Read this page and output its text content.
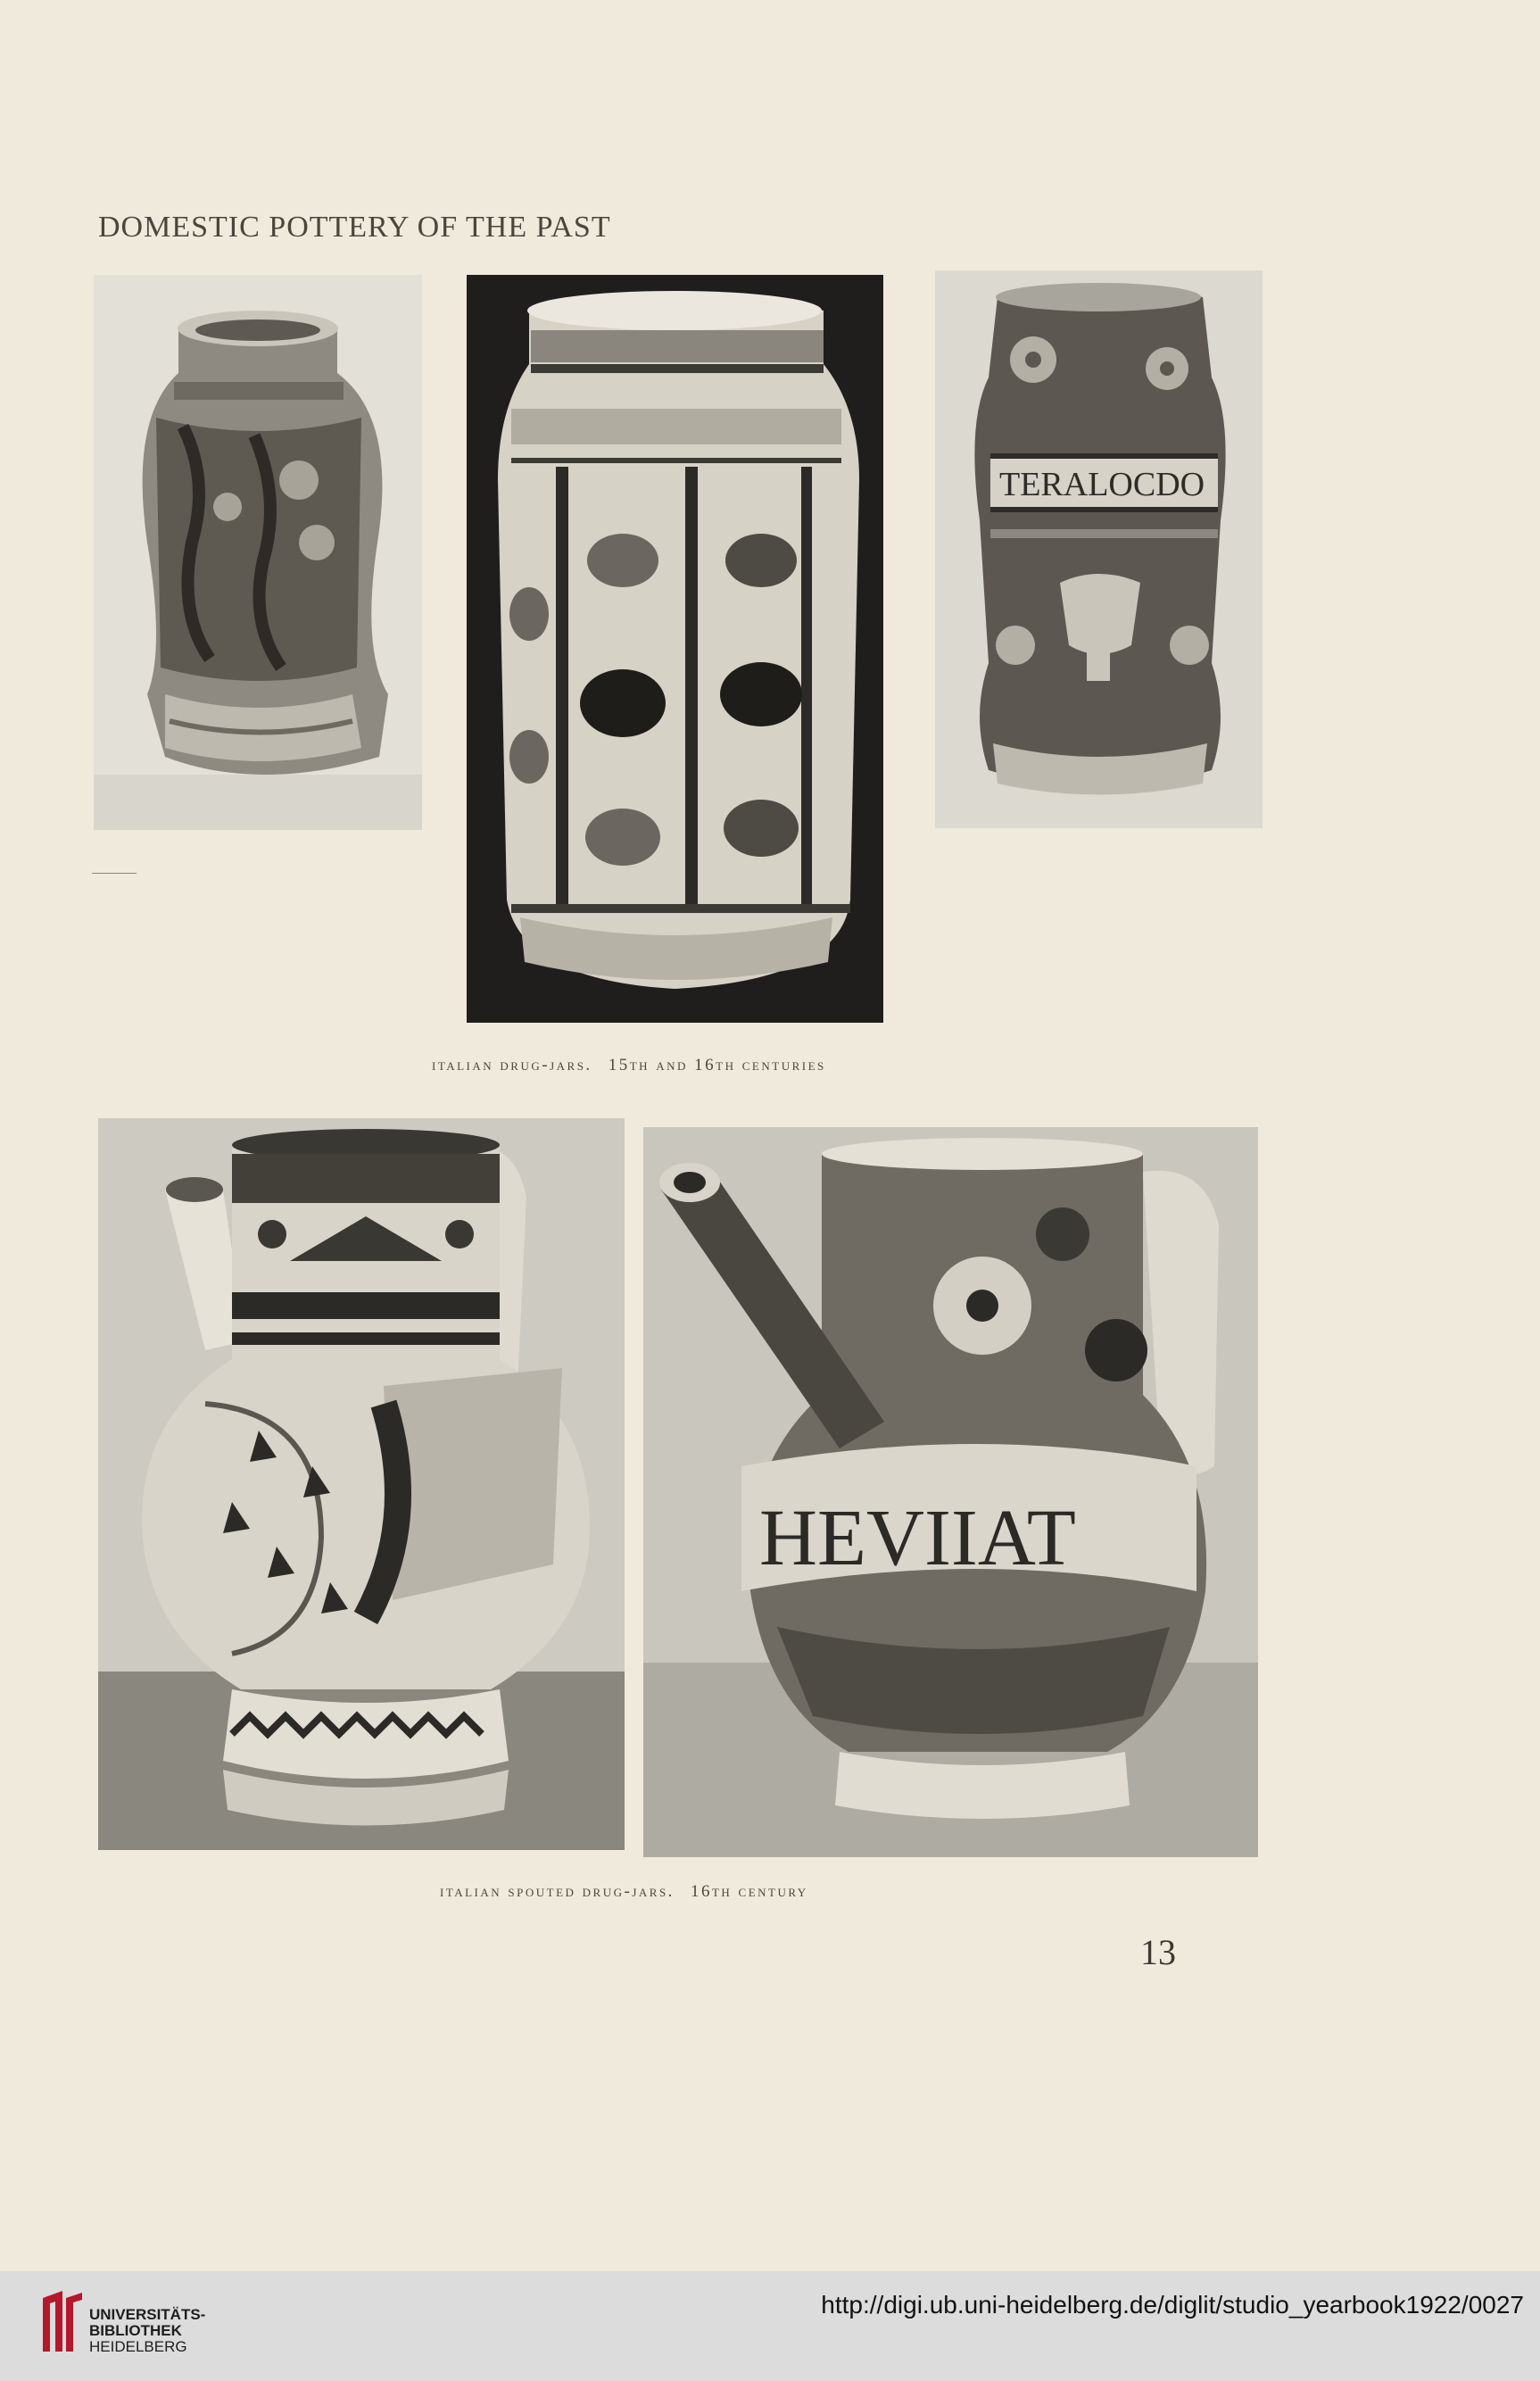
DOMESTIC POTTERY OF THE PAST
TERALOCDO
italian drug-jars. 15th and 16th centuries
HEVIIAT
italian spouted drug-jars. 16th century
13
UNIVERSITÄTS-
BIBLIOTHEK
HEIDELBERG
http://digi.ub.uni-heidelberg.de/diglit/studio_yearbook1922/0027
